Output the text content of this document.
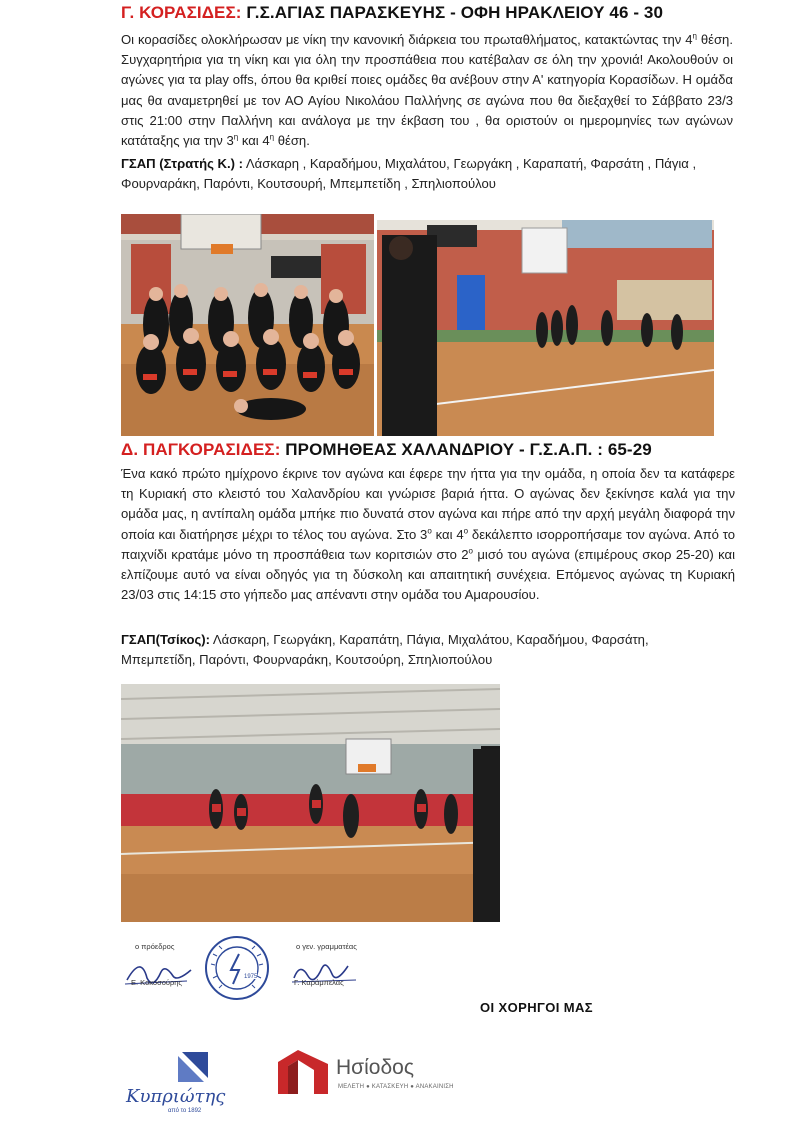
Γ. ΚΟΡΑΣΙΔΕΣ: Γ.Σ.ΑΓΙΑΣ ΠΑΡΑΣΚΕΥΗΣ - ΟΦΗ ΗΡΑΚΛΕΙΟΥ 46 - 30
Οι κορασίδες ολοκλήρωσαν με νίκη την κανονική διάρκεια του πρωταθλήματος, κατακτώντας την $4^\eta$ θέση. Συγχαρητήρια για τη νίκη και για όλη την προσπάθεια που κατέβαλαν σε όλη την χρονιά! Ακολουθούν οι αγώνες για τα play offs, όπου θα κριθεί ποιες ομάδες θα ανέβουν στην Α' κατηγορία Κορασίδων. Η ομάδα μας θα αναμετρηθεί με τον ΑΟ Αγίου Νικολάου Παλλήνης σε αγώνα που θα διεξαχθεί το Σάββατο 23/3 στις 21:00 στην Παλλήνη και ανάλογα με την έκβαση του , θα οριστούν οι ημερομηνίες των αγώνων κατάταξης για την $3^\eta$ και $4^\eta$ θέση.
ΓΣΑΠ (Στρατής Κ.) : Λάσκαρη , Καραδήμου, Μιχαλάτου, Γεωργάκη , Καραπατή, Φαρσάτη , Πάγια , Φουρναράκη, Παρόντι, Κουτσουρή, Μπεμπετίδη , Σπηλιοπούλου
Δ. ΠΑΓΚΟΡΑΣΙΔΕΣ: ΠΡΟΜΗΘΕΑΣ ΧΑΛΑΝΔΡΙΟΥ - Γ.Σ.Α.Π. : 65-29
Ένα κακό πρώτο ημίχρονο έκρινε τον αγώνα και έφερε την ήττα για την ομάδα, η οποία δεν τα κατάφερε τη Κυριακή στο κλειστό του Χαλανδρίου και γνώρισε βαριά ήττα. Ο αγώνας δεν ξεκίνησε καλά για την ομάδα μας, η αντίπαλη ομάδα μπήκε πιο δυνατά στον αγώνα και πήρε από την αρχή μεγάλη διαφορά την οποία και διατήρησε μέχρι το τέλος του αγώνα. Στο $3^o$ και $4^o$ δεκάλεπτο ισορροπήσαμε τον αγώνα. Από το παιχνίδι κρατάμε μόνο τη προσπάθεια των κοριτσιών στο $2^o$ μισό του αγώνα (επιμέρους σκορ 25-20) και ελπίζουμε αυτό να είναι οδηγός για τη δύσκολη και απαιτητική συνέχεια. Επόμενος αγώνας τη Κυριακή 23/03 στις 14:15 στο γήπεδο μας απέναντι στην ομάδα του Αμαρουσίου.
ΓΣΑΠ(Τσίκος): Λάσκαρη, Γεωργάκη, Καραπάτη, Πάγια, Μιχαλάτου, Καραδήμου, Φαρσάτη, Μπεμπετίδη, Παρόντι, Φουρναράκη, Κουτσούρη, Σπηλιοπούλου
ο πρόεδρος
Ε. Κοκοσούρης
1975
ο γεν. γραμματέας
Γ. Καράμπελας
ΟΙ ΧΟΡΗΓΟΙ ΜΑΣ
Κυπριώτης
από το 1892
Ησίοδος
ΜΕΛΕΤΗ ● ΚΑΤΑΣΚΕΥΗ ● ΑΝΑΚΑΙΝΙΣΗ
